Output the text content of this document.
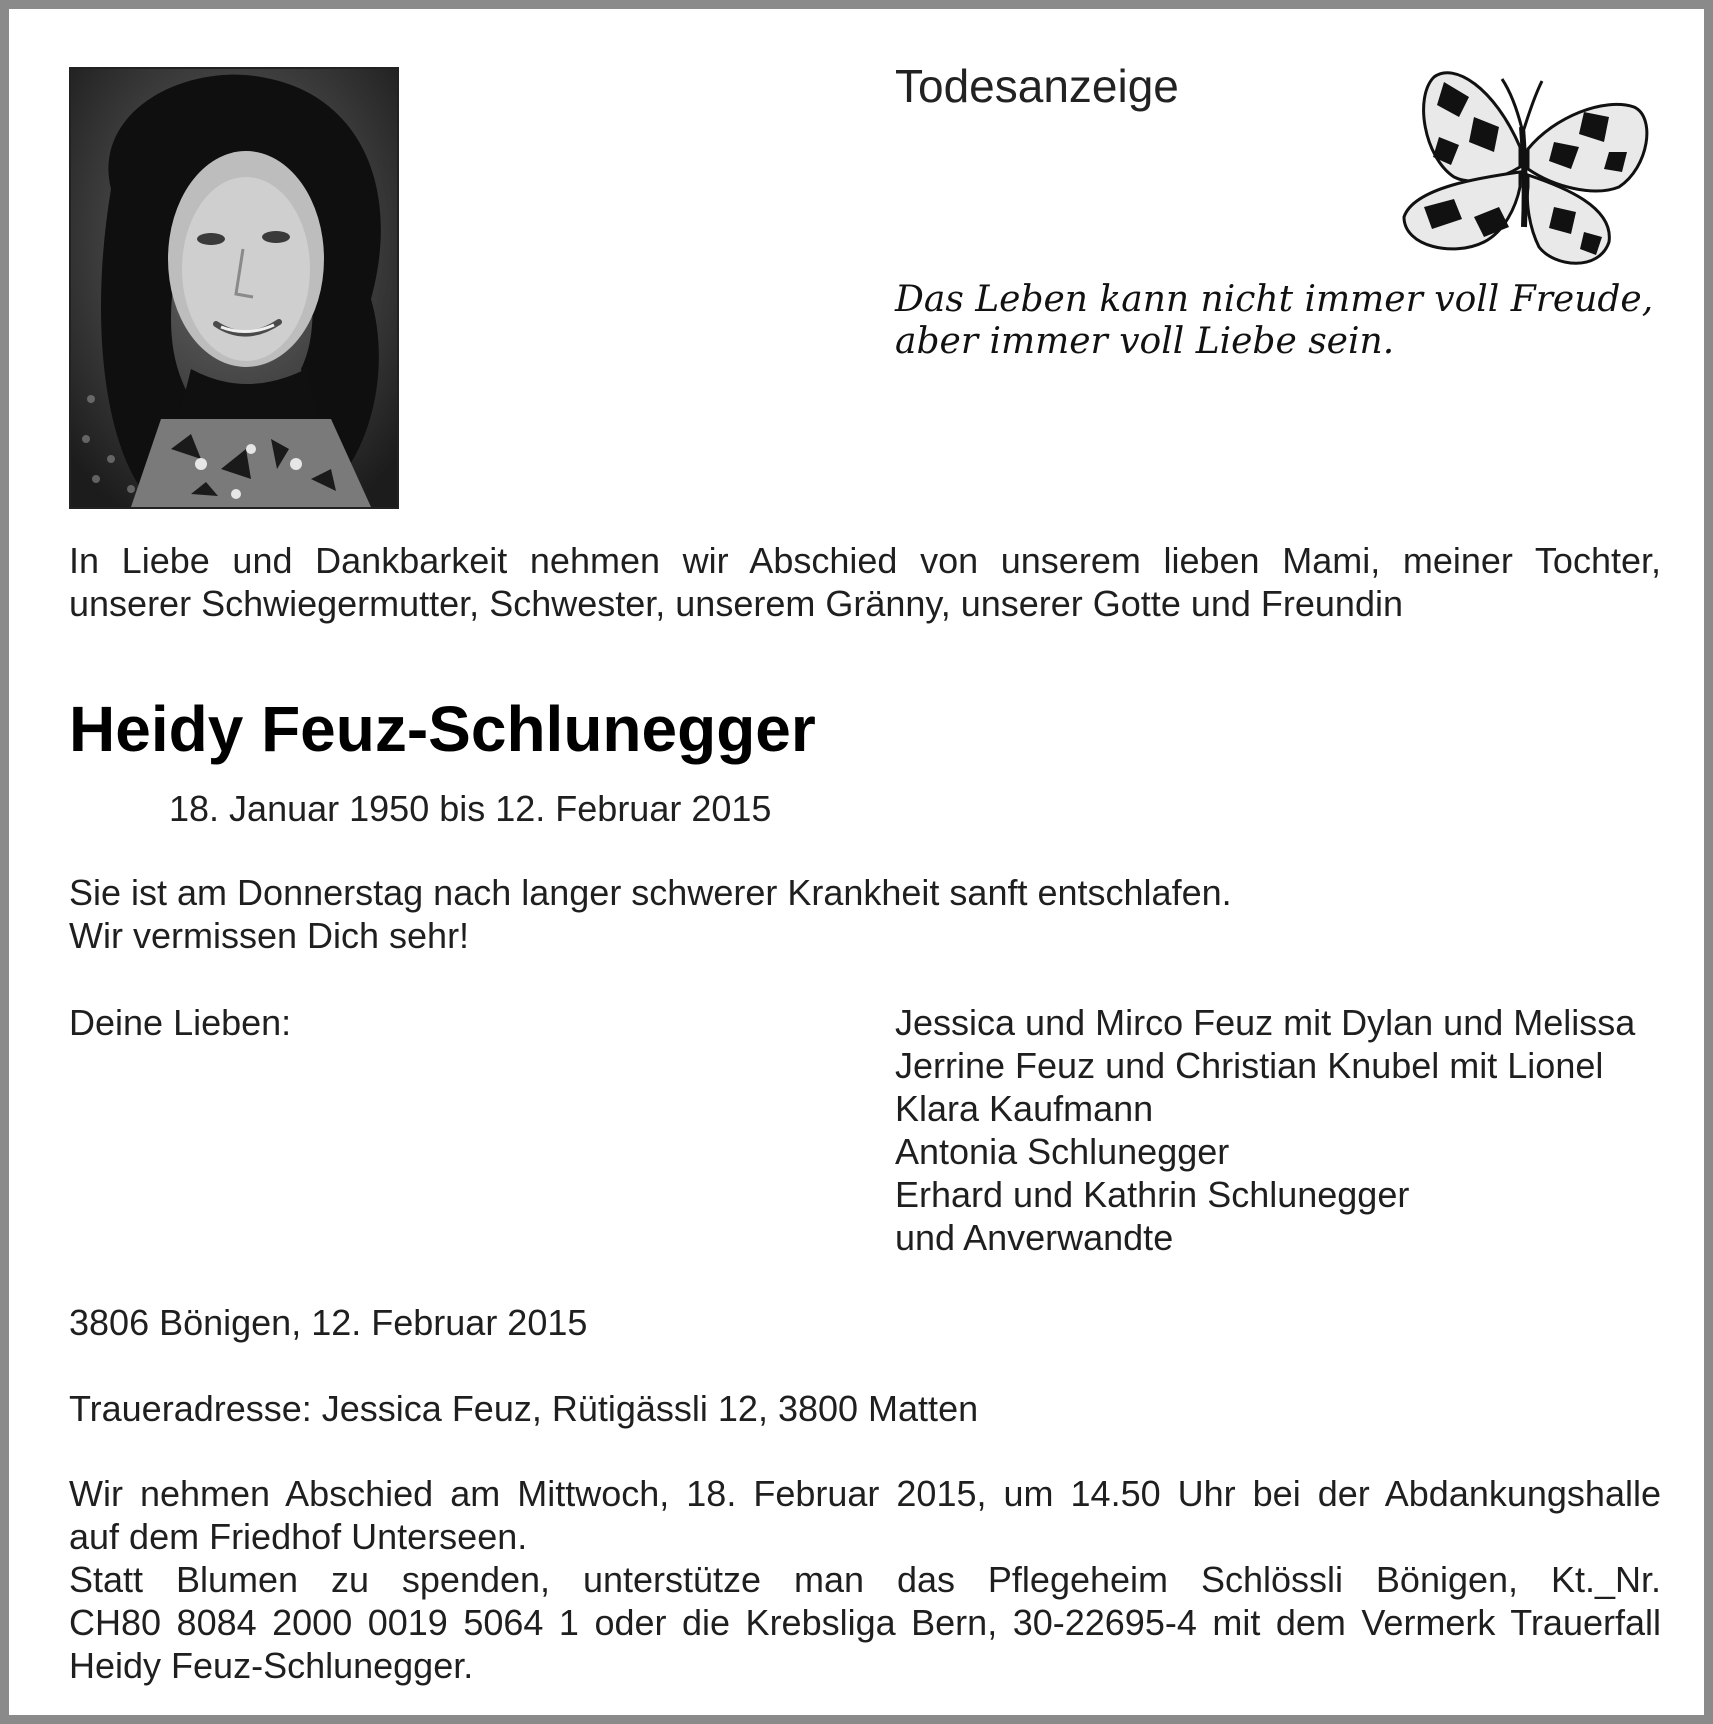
Todesanzeige
Das Leben kann nicht immer voll Freude,
aber immer voll Liebe sein.
In Liebe und Dankbarkeit nehmen wir Abschied von unserem lieben Mami, meiner Tochter,
unserer Schwiegermutter, Schwester, unserem Gränny, unserer Gotte und Freundin
Heidy Feuz-Schlunegger
18. Januar 1950 bis 12. Februar 2015
Sie ist am Donnerstag nach langer schwerer Krankheit sanft entschlafen.
Wir vermissen Dich sehr!
Deine Lieben:	Jessica und Mirco Feuz mit Dylan und Melissa
Jerrine Feuz und Christian Knubel mit Lionel
Klara Kaufmann
Antonia Schlunegger
Erhard und Kathrin Schlunegger
und Anverwandte
3806 Bönigen, 12. Februar 2015
Traueradresse: Jessica Feuz, Rütigässli 12, 3800 Matten
Wir nehmen Abschied am Mittwoch, 18. Februar 2015, um 14.50 Uhr bei der Abdankungshalle
auf dem Friedhof Unterseen.
Statt Blumen zu spenden, unterstütze man das Pflegeheim Schlössli Bönigen, Kt._Nr.
CH80 8084 2000 0019 5064 1 oder die Krebsliga Bern, 30-22695-4 mit dem Vermerk Trauerfall
Heidy Feuz-Schlunegger.
